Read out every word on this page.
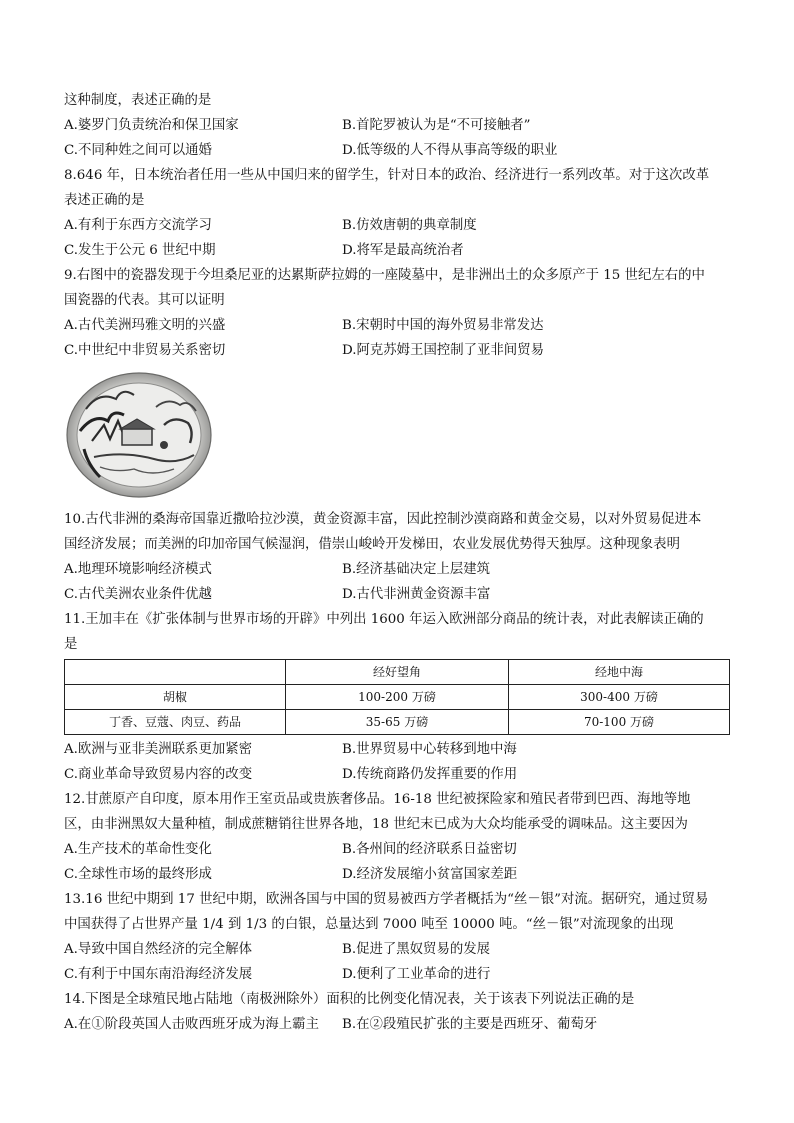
这种制度，表述正确的是
A.婆罗门负责统治和保卫国家	B.首陀罗被认为是“不可接触者”
C.不同种姓之间可以通婚	D.低等级的人不得从事高等级的职业
8.646 年，日本统治者任用一些从中国归来的留学生，针对日本的政治、经济进行一系列改革。对于这次改革
表述正确的是
A.有利于东西方交流学习	B.仿效唐朝的典章制度
C.发生于公元 6 世纪中期	D.将军是最高统治者
9.右图中的瓷器发现于今坦桑尼亚的达累斯萨拉姆的一座陵墓中，是非洲出土的众多原产于 15 世纪左右的中
国瓷器的代表。其可以证明
A.古代美洲玛雅文明的兴盛	B.宋朝时中国的海外贸易非常发达
C.中世纪中非贸易关系密切	D.阿克苏姆王国控制了亚非间贸易
10.古代非洲的桑海帝国靠近撒哈拉沙漠，黄金资源丰富，因此控制沙漠商路和黄金交易，以对外贸易促进本
国经济发展；而美洲的印加帝国气候湿润，借崇山峻岭开发梯田，农业发展优势得天独厚。这种现象表明
A.地理环境影响经济模式	B.经济基础决定上层建筑
C.古代美洲农业条件优越	D.古代非洲黄金资源丰富
11.王加丰在《扩张体制与世界市场的开辟》中列出 1600 年运入欧洲部分商品的统计表，对此表解读正确的
是
	经好望角	经地中海
胡椒	100-200 万磅	300-400 万磅
丁香、豆蔻、肉豆、药品	35-65 万磅	70-100 万磅
A.欧洲与亚非美洲联系更加紧密	B.世界贸易中心转移到地中海
C.商业革命导致贸易内容的改变	D.传统商路仍发挥重要的作用
12.甘蔗原产自印度，原本用作王室贡品或贵族奢侈品。16-18 世纪被探险家和殖民者带到巴西、海地等地
区，由非洲黑奴大量种植，制成蔗糖销往世界各地，18 世纪末已成为大众均能承受的调味品。这主要因为
A.生产技术的革命性变化	B.各州间的经济联系日益密切
C.全球性市场的最终形成	D.经济发展缩小贫富国家差距
13.16 世纪中期到 17 世纪中期，欧洲各国与中国的贸易被西方学者概括为“丝－银”对流。据研究，通过贸易
中国获得了占世界产量 1/4 到 1/3 的白银，总量达到 7000 吨至 10000 吨。“丝－银”对流现象的出现
A.导致中国自然经济的完全解体	B.促进了黑奴贸易的发展
C.有利于中国东南沿海经济发展	D.便利了工业革命的进行
14.下图是全球殖民地占陆地（南极洲除外）面积的比例变化情况表，关于该表下列说法正确的是
A.在①阶段英国人击败西班牙成为海上霸主	B.在②段殖民扩张的主要是西班牙、葡萄牙
